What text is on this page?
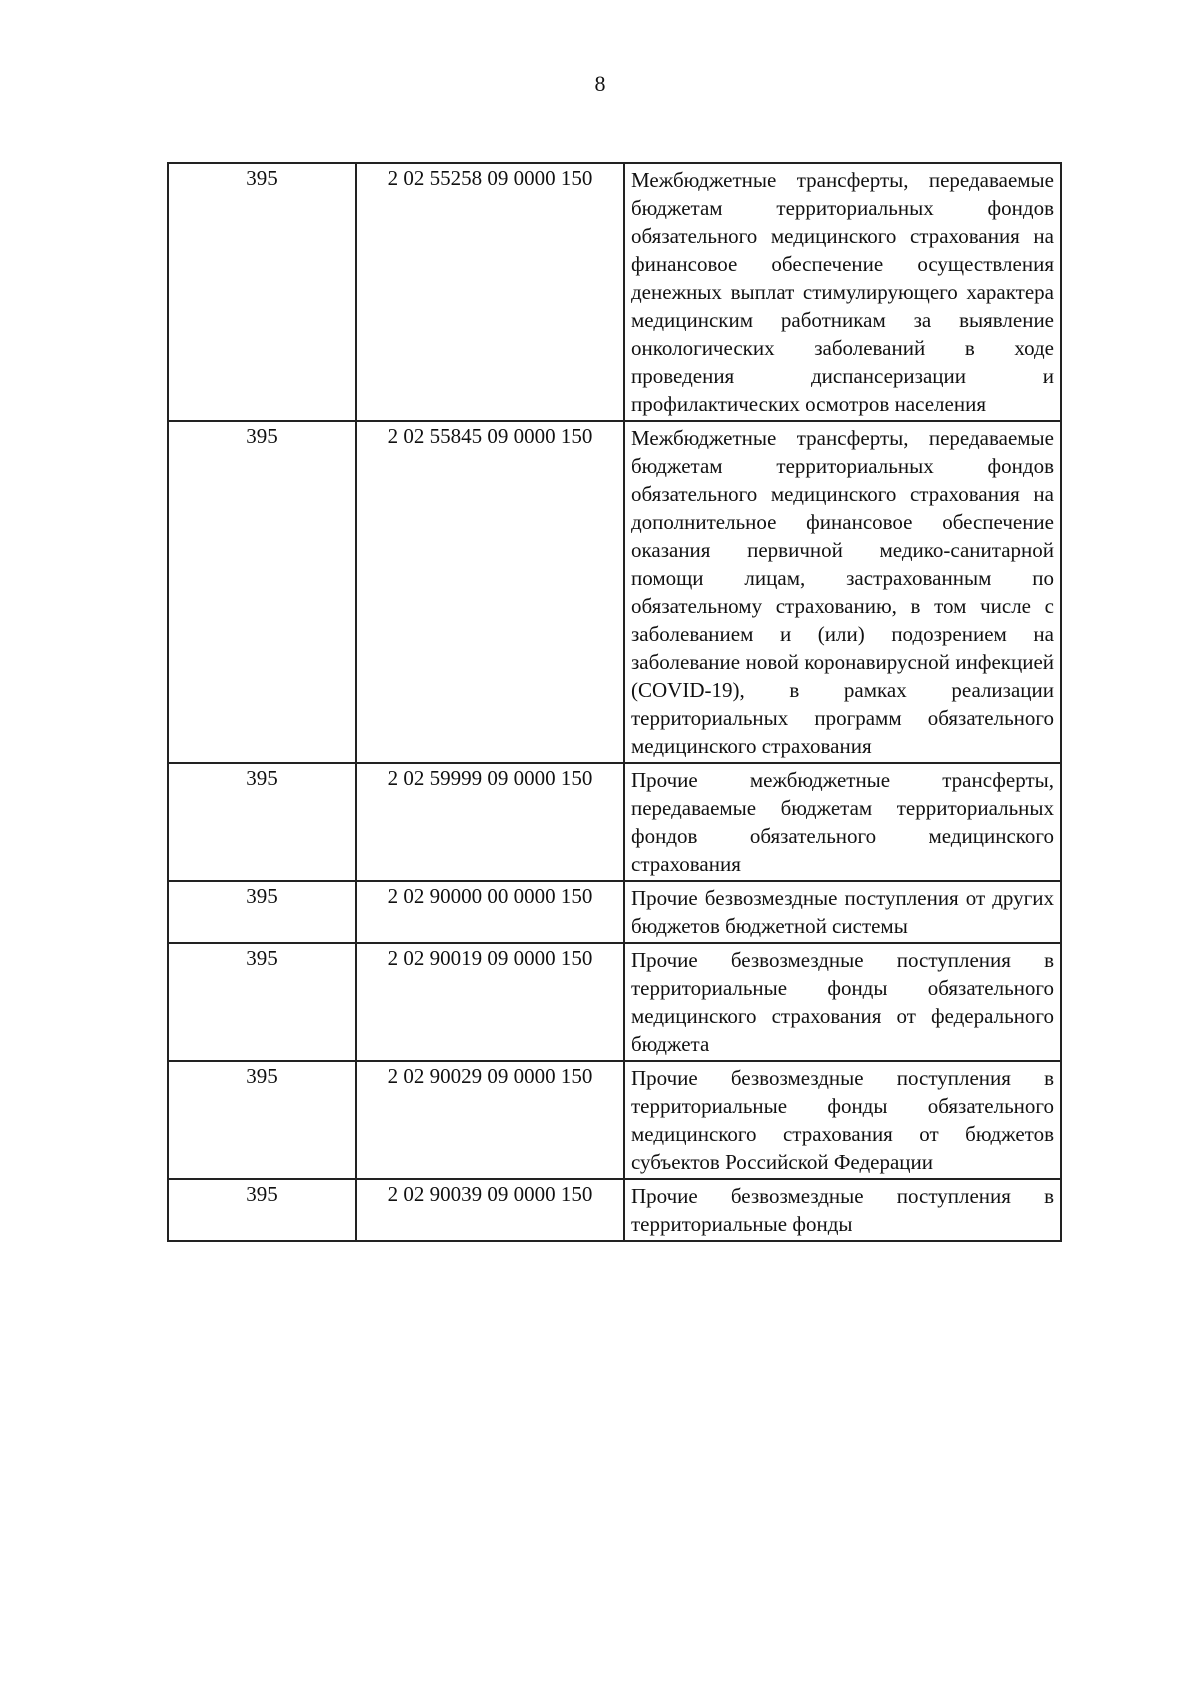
8
395	2 02 55258 09 0000 150	Межбюджетные трансферты, передаваемые бюджетам территориальных фондов обязательного медицинского страхования на финансовое обеспечение осуществления денежных выплат стимулирующего характера медицинским работникам за выявление онкологических заболеваний в ходе проведения диспансеризации и профилактических осмотров населения

395	2 02 55845 09 0000 150	Межбюджетные трансферты, передаваемые бюджетам территориальных фондов обязательного медицинского страхования на дополнительное финансовое обеспечение оказания первичной медико-санитарной помощи лицам, застрахованным по обязательному страхованию, в том числе с заболеванием и (или) подозрением на заболевание новой коронавирусной инфекцией (COVID-19), в рамках реализации территориальных программ обязательного медицинского страхования

395	2 02 59999 09 0000 150	Прочие межбюджетные трансферты, передаваемые бюджетам территориальных фондов обязательного медицинского страхования

395	2 02 90000 00 0000 150	Прочие безвозмездные поступления от других бюджетов бюджетной системы

395	2 02 90019 09 0000 150	Прочие безвозмездные поступления в территориальные фонды обязательного медицинского страхования от федерального бюджета

395	2 02 90029 09 0000 150	Прочие безвозмездные поступления в территориальные фонды обязательного медицинского страхования от бюджетов субъектов Российской Федерации

395	2 02 90039 09 0000 150	Прочие безвозмездные поступления в территориальные фонды
